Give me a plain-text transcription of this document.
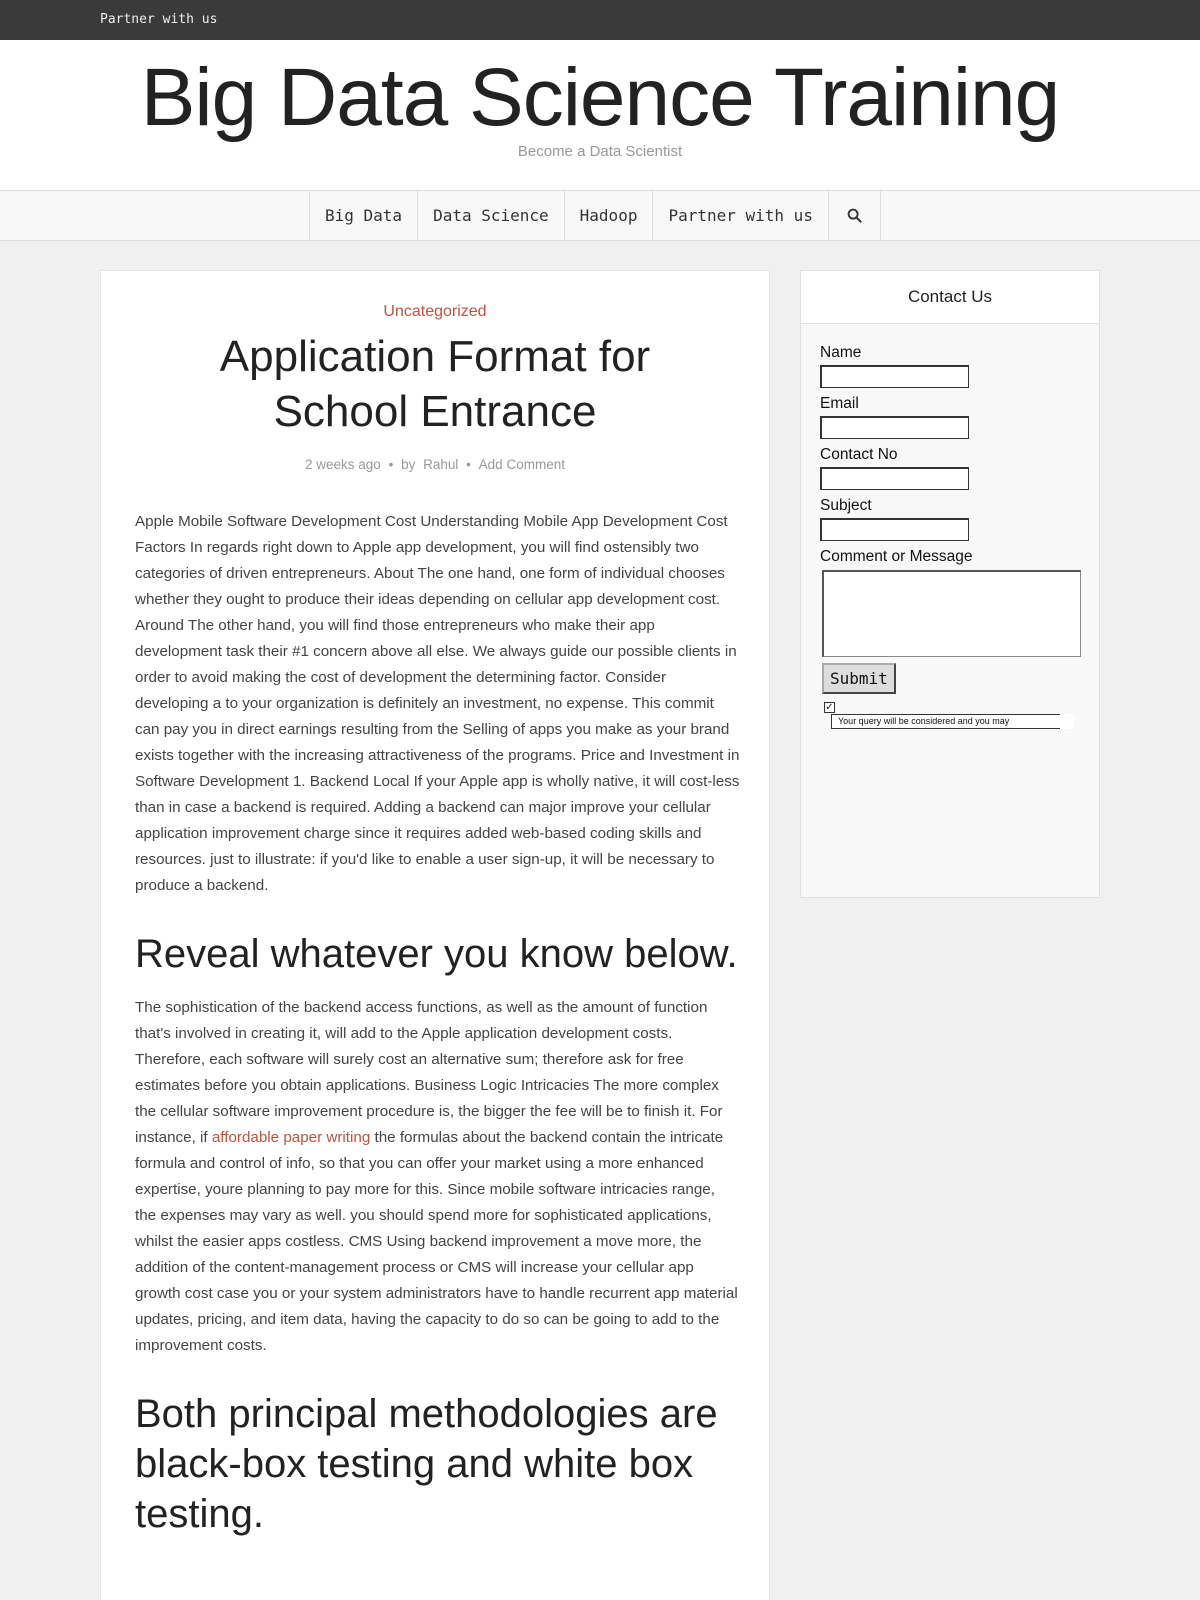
Partner with us
Big Data Science Training
Become a Data Scientist
Big Data	Data Science	Hadoop	Partner with us
Uncategorized
Application Format for School Entrance
2 weeks ago • by Rahul • Add Comment

Apple Mobile Software Development Cost Understanding Mobile App Development Cost Factors In regards right down to Apple app development, you will find ostensibly two categories of driven entrepreneurs. About The one hand, one form of individual chooses whether they ought to produce their ideas depending on cellular app development cost. Around The other hand, you will find those entrepreneurs who make their app development task their #1 concern above all else. We always guide our possible clients in order to avoid making the cost of development the determining factor. Consider developing a to your organization is definitely an investment, no expense. This commit can pay you in direct earnings resulting from the Selling of apps you make as your brand exists together with the increasing attractiveness of the programs. Price and Investment in Software Development 1. Backend Local If your Apple app is wholly native, it will cost-less than in case a backend is required. Adding a backend can major improve your cellular application improvement charge since it requires added web-based coding skills and resources. just to illustrate: if you'd like to enable a user sign-up, it will be necessary to produce a backend.

Reveal whatever you know below.

The sophistication of the backend access functions, as well as the amount of function that's involved in creating it, will add to the Apple application development costs. Therefore, each software will surely cost an alternative sum; therefore ask for free estimates before you obtain applications. Business Logic Intricacies The more complex the cellular software improvement procedure is, the bigger the fee will be to finish it. For instance, if affordable paper writing the formulas about the backend contain the intricate formula and control of info, so that you can offer your market using a more enhanced expertise, youre planning to pay more for this. Since mobile software intricacies range, the expenses may vary as well. you should spend more for sophisticated applications, whilst the easier apps costless. CMS Using backend improvement a move more, the addition of the content-management process or CMS will increase your cellular app growth cost case you or your system administrators have to handle recurrent app material updates, pricing, and item data, having the capacity to do so can be going to add to the improvement costs.

Both principal methodologies are black-box testing and white box testing.
Contact Us
Name
Email
Contact No
Subject
Comment or Message
Submit
✓
Your query will be considered and you may
